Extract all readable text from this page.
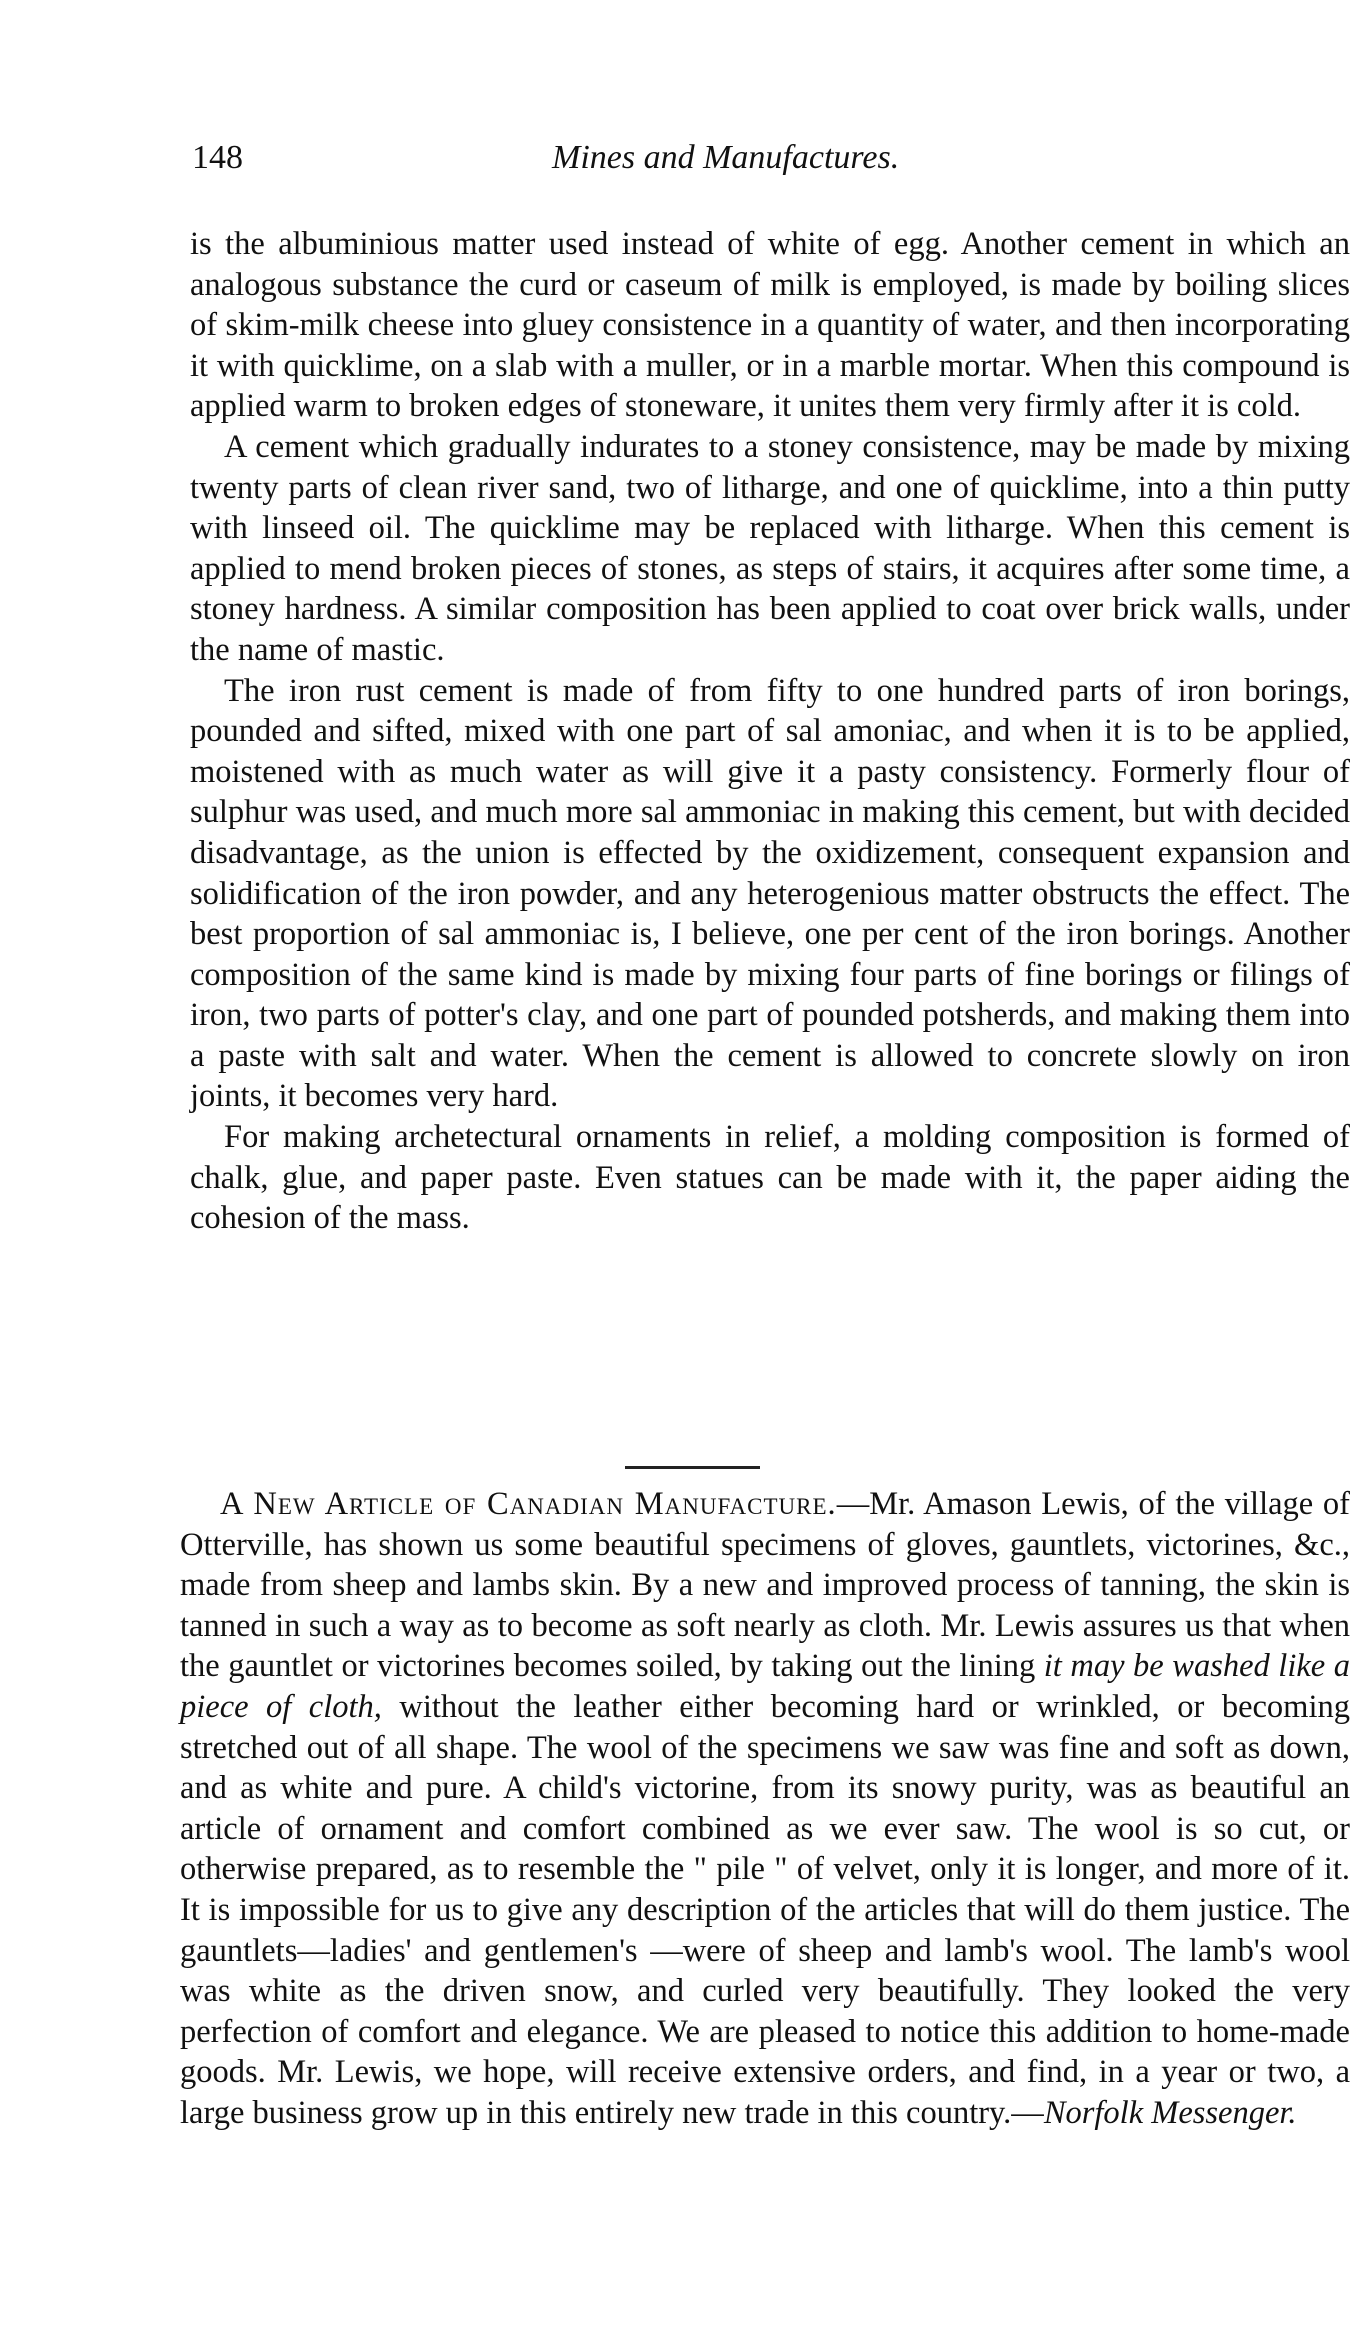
148	Mines and Manufactures.

is the albuminious matter used instead of white of egg. Another cement in which an analogous substance the curd or caseum of milk is employed, is made by boiling slices of skim-milk cheese into gluey consistence in a quantity of water, and then incorporating it with quicklime, on a slab with a muller, or in a marble mortar. When this compound is applied warm to broken edges of stoneware, it unites them very firmly after it is cold.

A cement which gradually indurates to a stoney consistence, may be made by mixing twenty parts of clean river sand, two of litharge, and one of quicklime, into a thin putty with linseed oil. The quicklime may be replaced with litharge. When this cement is applied to mend broken pieces of stones, as steps of stairs, it acquires after some time, a stoney hardness. A similar composition has been applied to coat over brick walls, under the name of mastic.

The iron rust cement is made of from fifty to one hundred parts of iron borings, pounded and sifted, mixed with one part of sal amoniac, and when it is to be applied, moistened with as much water as will give it a pasty consistency. Formerly flour of sulphur was used, and much more sal ammoniac in making this cement, but with decided disadvantage, as the union is effected by the oxidizement, consequent expansion and solidification of the iron powder, and any heterogenious matter obstructs the effect. The best proportion of sal ammoniac is, I believe, one per cent of the iron borings. Another composition of the same kind is made by mixing four parts of fine borings or filings of iron, two parts of potter's clay, and one part of pounded potsherds, and making them into a paste with salt and water. When the cement is allowed to concrete slowly on iron joints, it becomes very hard.

For making archetectural ornaments in relief, a molding composition is formed of chalk, glue, and paper paste. Even statues can be made with it, the paper aiding the cohesion of the mass.

A New Article of Canadian Manufacture.—Mr. Amason Lewis, of the village of Otterville, has shown us some beautiful specimens of gloves, gauntlets, victorines, &c., made from sheep and lambs skin. By a new and improved process of tanning, the skin is tanned in such a way as to become as soft nearly as cloth. Mr. Lewis assures us that when the gauntlet or victorines becomes soiled, by taking out the lining it may be washed like a piece of cloth, without the leather either becoming hard or wrinkled, or becoming stretched out of all shape. The wool of the specimens we saw was fine and soft as down, and as white and pure. A child's victorine, from its snowy purity, was as beautiful an article of ornament and comfort combined as we ever saw. The wool is so cut, or otherwise prepared, as to resemble the " pile " of velvet, only it is longer, and more of it. It is impossible for us to give any description of the articles that will do them justice. The gauntlets—ladies' and gentlemen's —were of sheep and lamb's wool. The lamb's wool was white as the driven snow, and curled very beautifully. They looked the very perfection of comfort and elegance. We are pleased to notice this addition to home-made goods. Mr. Lewis, we hope, will receive extensive orders, and find, in a year or two, a large business grow up in this entirely new trade in this country.—Norfolk Messenger.
